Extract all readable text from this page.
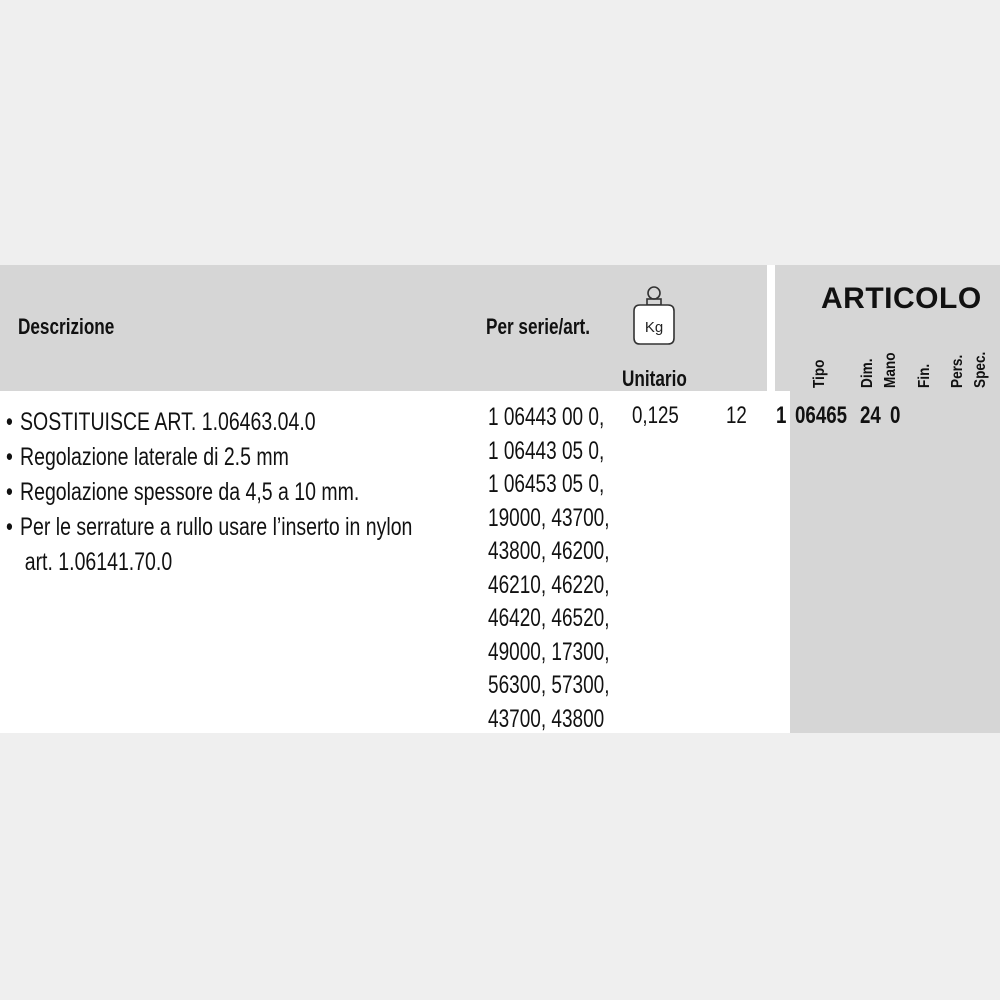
Descrizione	Per serie/art.	Kg
Unitario
ARTICOLO
Tipo Dim. Mano Fin. Pers. Spec.
• SOSTITUISCE ART. 1.06463.04.0
• Regolazione laterale di 2.5 mm
• Regolazione spessore da 4,5 a 10 mm.
• Per le serrature a rullo usare l’inserto in nylon
art. 1.06141.70.0
1 06443 00 0,
1 06443 05 0,
1 06453 05 0,
19000, 43700,
43800, 46200,
46210, 46220,
46420, 46520,
49000, 17300,
56300, 57300,
43700, 43800
0,125 12 1 06465 24 0
